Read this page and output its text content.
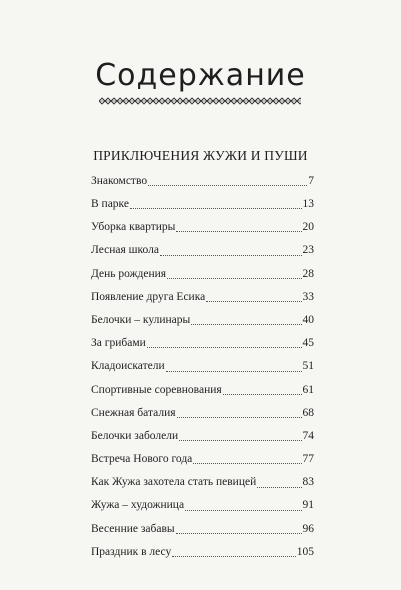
Содержание
ПРИКЛЮЧЕНИЯ ЖУЖИ И ПУШИ
Знакомство	7
В парке	13
Уборка квартиры	20
Лесная школа	23
День рождения	28
Появление друга Есика	33
Белочки – кулинары	40
За грибами	45
Кладоискатели	51
Спортивные соревнования	61
Снежная баталия	68
Белочки заболели	74
Встреча Нового года	77
Как Жужа захотела стать певицей	83
Жужа – художница	91
Весенние забавы	96
Праздник в лесу	105
